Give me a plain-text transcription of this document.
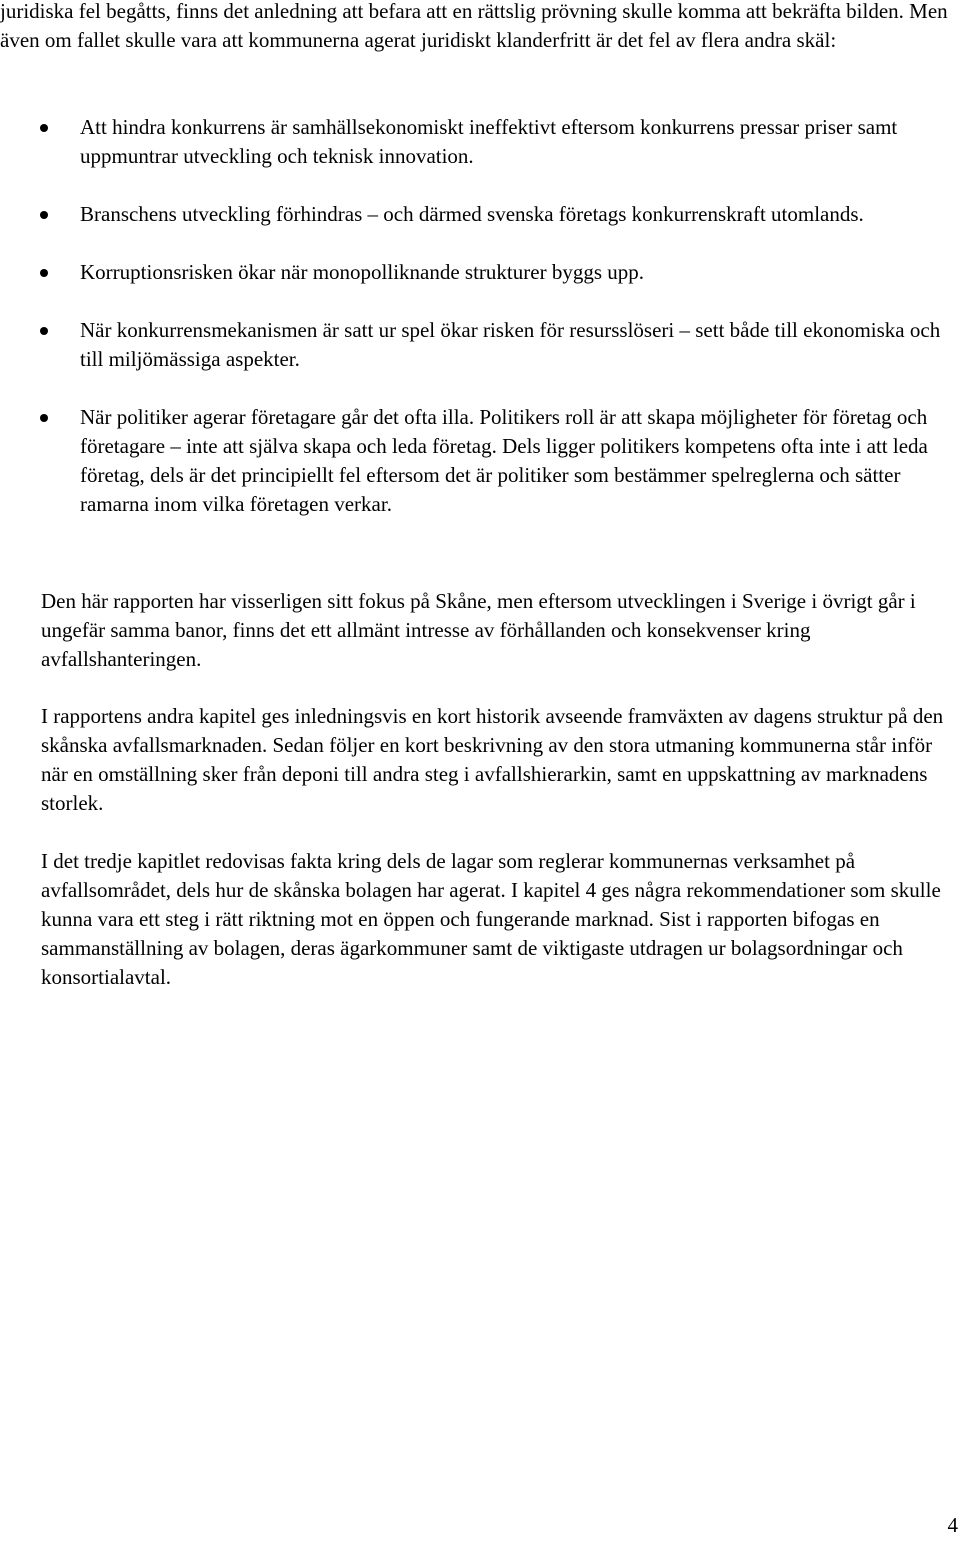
juridiska fel begåtts, finns det anledning att befara att en rättslig prövning skulle komma att bekräfta bilden. Men även om fallet skulle vara att kommunerna agerat juridiskt klanderfritt är det fel av flera andra skäl:

Att hindra konkurrens är samhällsekonomiskt ineffektivt eftersom konkurrens pressar priser samt uppmuntrar utveckling och teknisk innovation.
Branschens utveckling förhindras – och därmed svenska företags konkurrenskraft utomlands.
Korruptionsrisken ökar när monopolliknande strukturer byggs upp.
När konkurrensmekanismen är satt ur spel ökar risken för resursslöseri – sett både till ekonomiska och till miljömässiga aspekter.
När politiker agerar företagare går det ofta illa. Politikers roll är att skapa möjligheter för företag och företagare – inte att själva skapa och leda företag. Dels ligger politikers kompetens ofta inte i att leda företag, dels är det principiellt fel eftersom det är politiker som bestämmer spelreglerna och sätter ramarna inom vilka företagen verkar.

Den här rapporten har visserligen sitt fokus på Skåne, men eftersom utvecklingen i Sverige i övrigt går i ungefär samma banor, finns det ett allmänt intresse av förhållanden och konsekvenser kring avfallshanteringen.

I rapportens andra kapitel ges inledningsvis en kort historik avseende framväxten av dagens struktur på den skånska avfallsmarknaden. Sedan följer en kort beskrivning av den stora utmaning kommunerna står inför när en omställning sker från deponi till andra steg i avfallshierarkin, samt en uppskattning av marknadens storlek.

I det tredje kapitlet redovisas fakta kring dels de lagar som reglerar kommunernas verksamhet på avfallsområdet, dels hur de skånska bolagen har agerat. I kapitel 4 ges några rekommendationer som skulle kunna vara ett steg i rätt riktning mot en öppen och fungerande marknad. Sist i rapporten bifogas en sammanställning av bolagen, deras ägarkommuner samt de viktigaste utdragen ur bolagsordningar och konsortialavtal.

4
